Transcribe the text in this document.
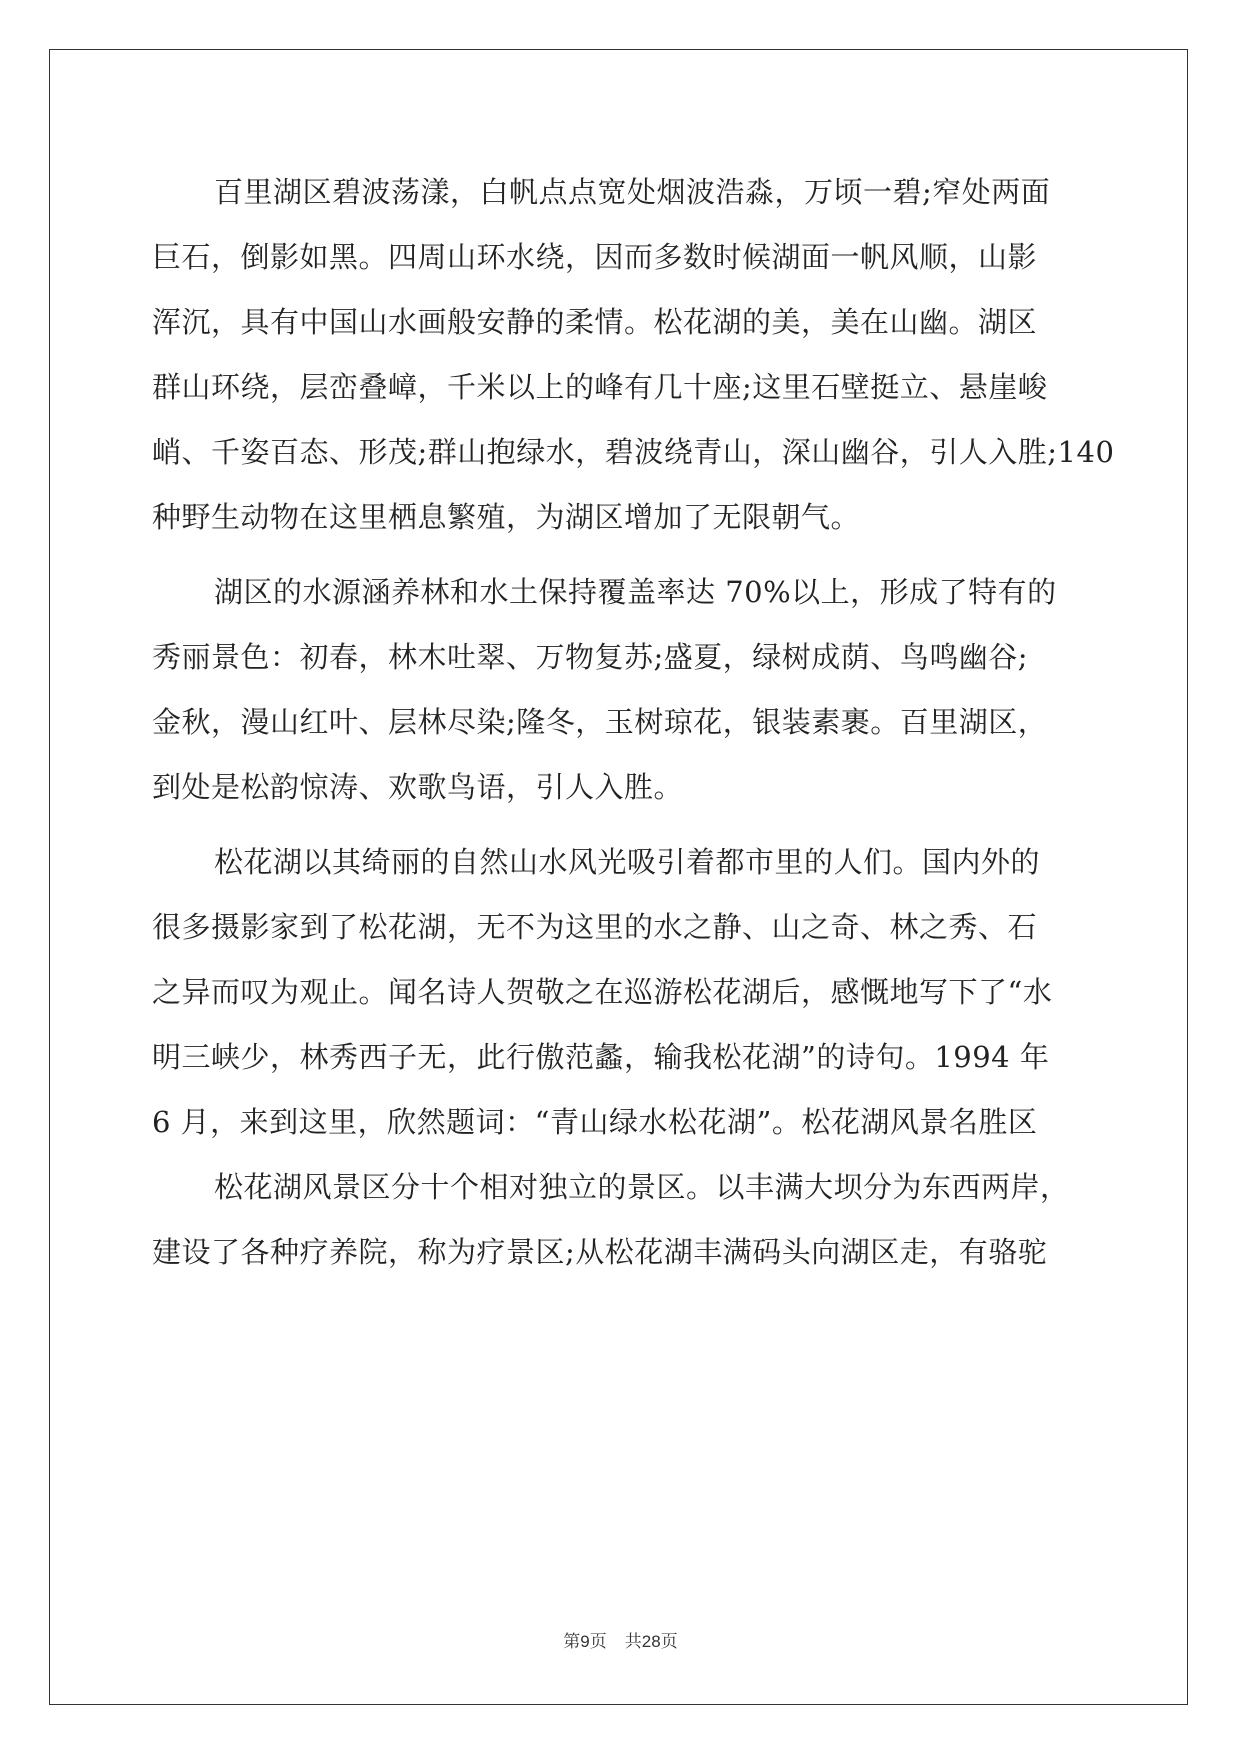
百里湖区碧波荡漾，白帆点点宽处烟波浩淼，万顷一碧;窄处两面
巨石，倒影如黑。四周山环水绕，因而多数时候湖面一帆风顺，山影
浑沉，具有中国山水画般安静的柔情。松花湖的美，美在山幽。湖区
群山环绕，层峦叠嶂，千米以上的峰有几十座;这里石壁挺立、悬崖峻
峭、千姿百态、形茂;群山抱绿水，碧波绕青山，深山幽谷，引人入胜;140
种野生动物在这里栖息繁殖，为湖区增加了无限朝气。
湖区的水源涵养林和水土保持覆盖率达 70%以上，形成了特有的
秀丽景色：初春，林木吐翠、万物复苏;盛夏，绿树成荫、鸟鸣幽谷;
金秋，漫山红叶、层林尽染;隆冬，玉树琼花，银装素裹。百里湖区，
到处是松韵惊涛、欢歌鸟语，引人入胜。
松花湖以其绮丽的自然山水风光吸引着都市里的人们。国内外的
很多摄影家到了松花湖，无不为这里的水之静、山之奇、林之秀、石
之异而叹为观止。闻名诗人贺敬之在巡游松花湖后，感慨地写下了“水
明三峡少，林秀西子无，此行傲范蠡，输我松花湖”的诗句。1994 年
6 月，来到这里，欣然题词：“青山绿水松花湖”。松花湖风景名胜区
松花湖风景区分十个相对独立的景区。以丰满大坝分为东西两岸，
建设了各种疗养院，称为疗景区;从松花湖丰满码头向湖区走，有骆驼
第9页 共28页
